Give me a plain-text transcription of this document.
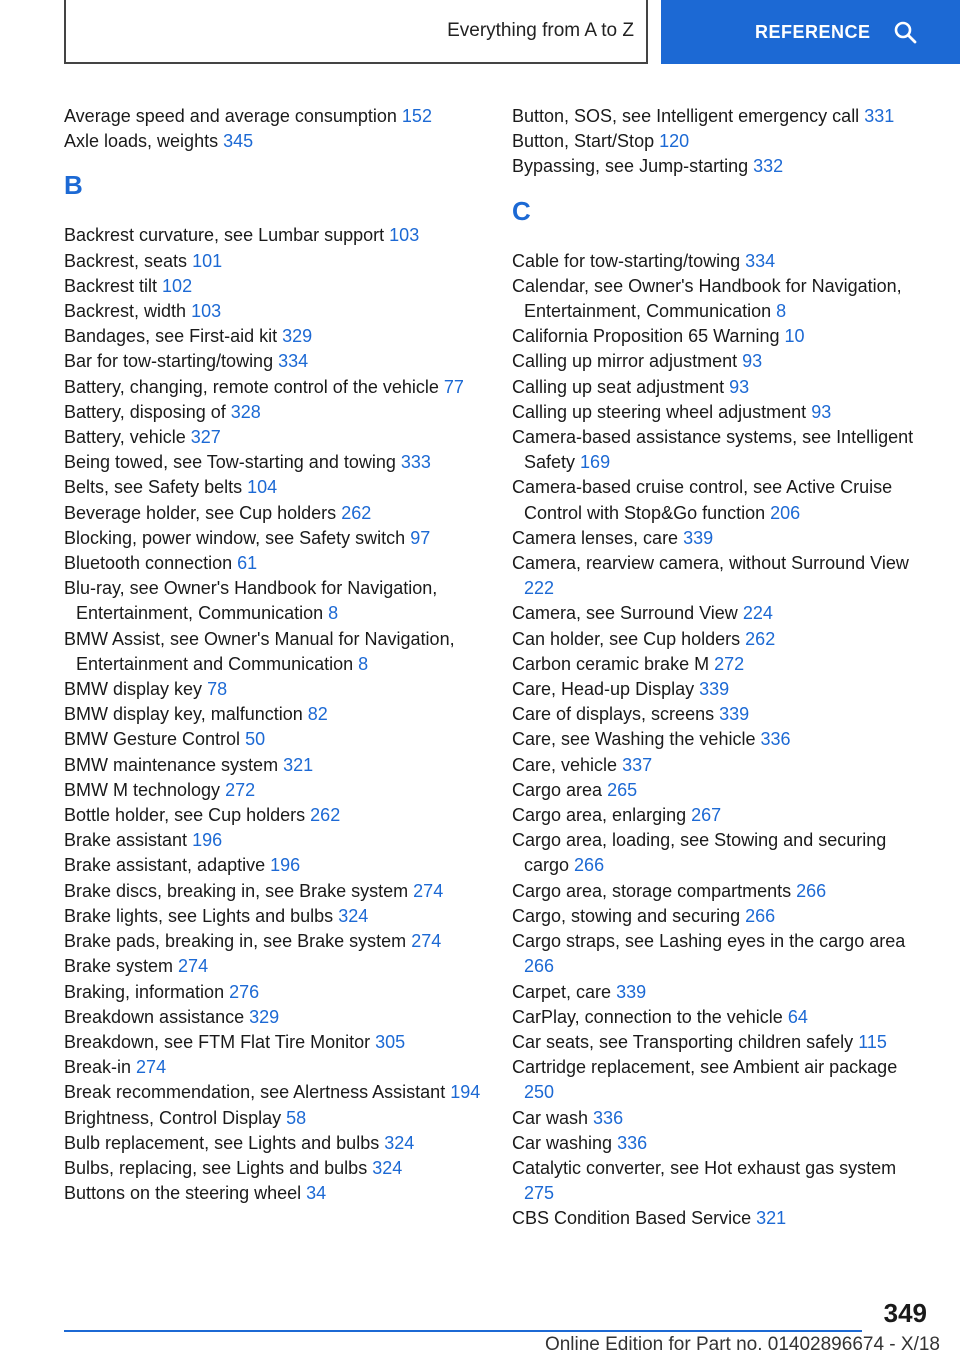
Everything from A to Z	REFERENCE
Average speed and average consumption 152
Axle loads, weights 345
B
Backrest curvature, see Lumbar support 103
Backrest, seats 101
Backrest tilt 102
Backrest, width 103
Bandages, see First-aid kit 329
Bar for tow-starting/towing 334
Battery, changing, remote control of the vehicle 77
Battery, disposing of 328
Battery, vehicle 327
Being towed, see Tow-starting and towing 333
Belts, see Safety belts 104
Beverage holder, see Cup holders 262
Blocking, power window, see Safety switch 97
Bluetooth connection 61
Blu-ray, see Owner's Handbook for Navigation, Entertainment, Communication 8
BMW Assist, see Owner's Manual for Navigation, Entertainment and Communication 8
BMW display key 78
BMW display key, malfunction 82
BMW Gesture Control 50
BMW maintenance system 321
BMW M technology 272
Bottle holder, see Cup holders 262
Brake assistant 196
Brake assistant, adaptive 196
Brake discs, breaking in, see Brake system 274
Brake lights, see Lights and bulbs 324
Brake pads, breaking in, see Brake system 274
Brake system 274
Braking, information 276
Breakdown assistance 329
Breakdown, see FTM Flat Tire Monitor 305
Break-in 274
Break recommendation, see Alertness Assistant 194
Brightness, Control Display 58
Bulb replacement, see Lights and bulbs 324
Bulbs, replacing, see Lights and bulbs 324
Buttons on the steering wheel 34
Button, SOS, see Intelligent emergency call 331
Button, Start/Stop 120
Bypassing, see Jump-starting 332
C
Cable for tow-starting/towing 334
Calendar, see Owner's Handbook for Navigation, Entertainment, Communication 8
California Proposition 65 Warning 10
Calling up mirror adjustment 93
Calling up seat adjustment 93
Calling up steering wheel adjustment 93
Camera-based assistance systems, see Intelligent Safety 169
Camera-based cruise control, see Active Cruise Control with Stop&Go function 206
Camera lenses, care 339
Camera, rearview camera, without Surround View 222
Camera, see Surround View 224
Can holder, see Cup holders 262
Carbon ceramic brake M 272
Care, Head-up Display 339
Care of displays, screens 339
Care, see Washing the vehicle 336
Care, vehicle 337
Cargo area 265
Cargo area, enlarging 267
Cargo area, loading, see Stowing and securing cargo 266
Cargo area, storage compartments 266
Cargo, stowing and securing 266
Cargo straps, see Lashing eyes in the cargo area 266
Carpet, care 339
CarPlay, connection to the vehicle 64
Car seats, see Transporting children safely 115
Cartridge replacement, see Ambient air package 250
Car wash 336
Car washing 336
Catalytic converter, see Hot exhaust gas system 275
CBS Condition Based Service 321
349
Online Edition for Part no. 01402896674 - X/18
